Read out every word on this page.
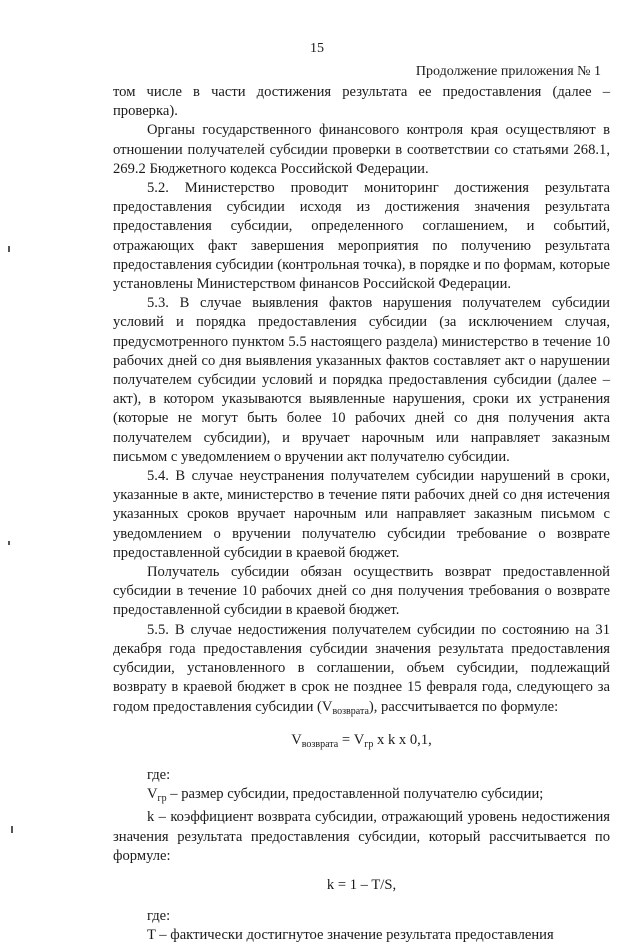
15
Продолжение приложения № 1

том числе в части достижения результата ее предоставления (далее – проверка).

Органы государственного финансового контроля края осуществляют в отношении получателей субсидии проверки в соответствии со статьями 268.1, 269.2 Бюджетного кодекса Российской Федерации.

5.2. Министерство проводит мониторинг достижения результата предоставления субсидии исходя из достижения значения результата предоставления субсидии, определенного соглашением, и событий, отражающих факт завершения мероприятия по получению результата предоставления субсидии (контрольная точка), в порядке и по формам, которые установлены Министерством финансов Российской Федерации.

5.3. В случае выявления фактов нарушения получателем субсидии условий и порядка предоставления субсидии (за исключением случая, предусмотренного пунктом 5.5 настоящего раздела) министерство в течение 10 рабочих дней со дня выявления указанных фактов составляет акт о нарушении получателем субсидии условий и порядка предоставления субсидии (далее – акт), в котором указываются выявленные нарушения, сроки их устранения (которые не могут быть более 10 рабочих дней со дня получения акта получателем субсидии), и вручает нарочным или направляет заказным письмом с уведомлением о вручении акт получателю субсидии.

5.4. В случае неустранения получателем субсидии нарушений в сроки, указанные в акте, министерство в течение пяти рабочих дней со дня истечения указанных сроков вручает нарочным или направляет заказным письмом с уведомлением о вручении получателю субсидии требование о возврате предоставленной субсидии в краевой бюджет.

Получатель субсидии обязан осуществить возврат предоставленной субсидии в течение 10 рабочих дней со дня получения требования о возврате предоставленной субсидии в краевой бюджет.

5.5. В случае недостижения получателем субсидии по состоянию на 31 декабря года предоставления субсидии значения результата предоставления субсидии, установленного в соглашении, объем субсидии, подлежащий возврату в краевой бюджет в срок не позднее 15 февраля года, следующего за годом предоставления субсидии $(V_{возврата})$, рассчитывается по формуле:

$V_{возврата} = V_{гр}$ x k x 0,1,

где:

$V_{гр}$ – размер субсидии, предоставленной получателю субсидии;

k – коэффициент возврата субсидии, отражающий уровень недостижения значения результата предоставления субсидии, который рассчитывается по формуле:

k = 1 – T/S,

где:

T – фактически достигнутое значение результата предоставления
